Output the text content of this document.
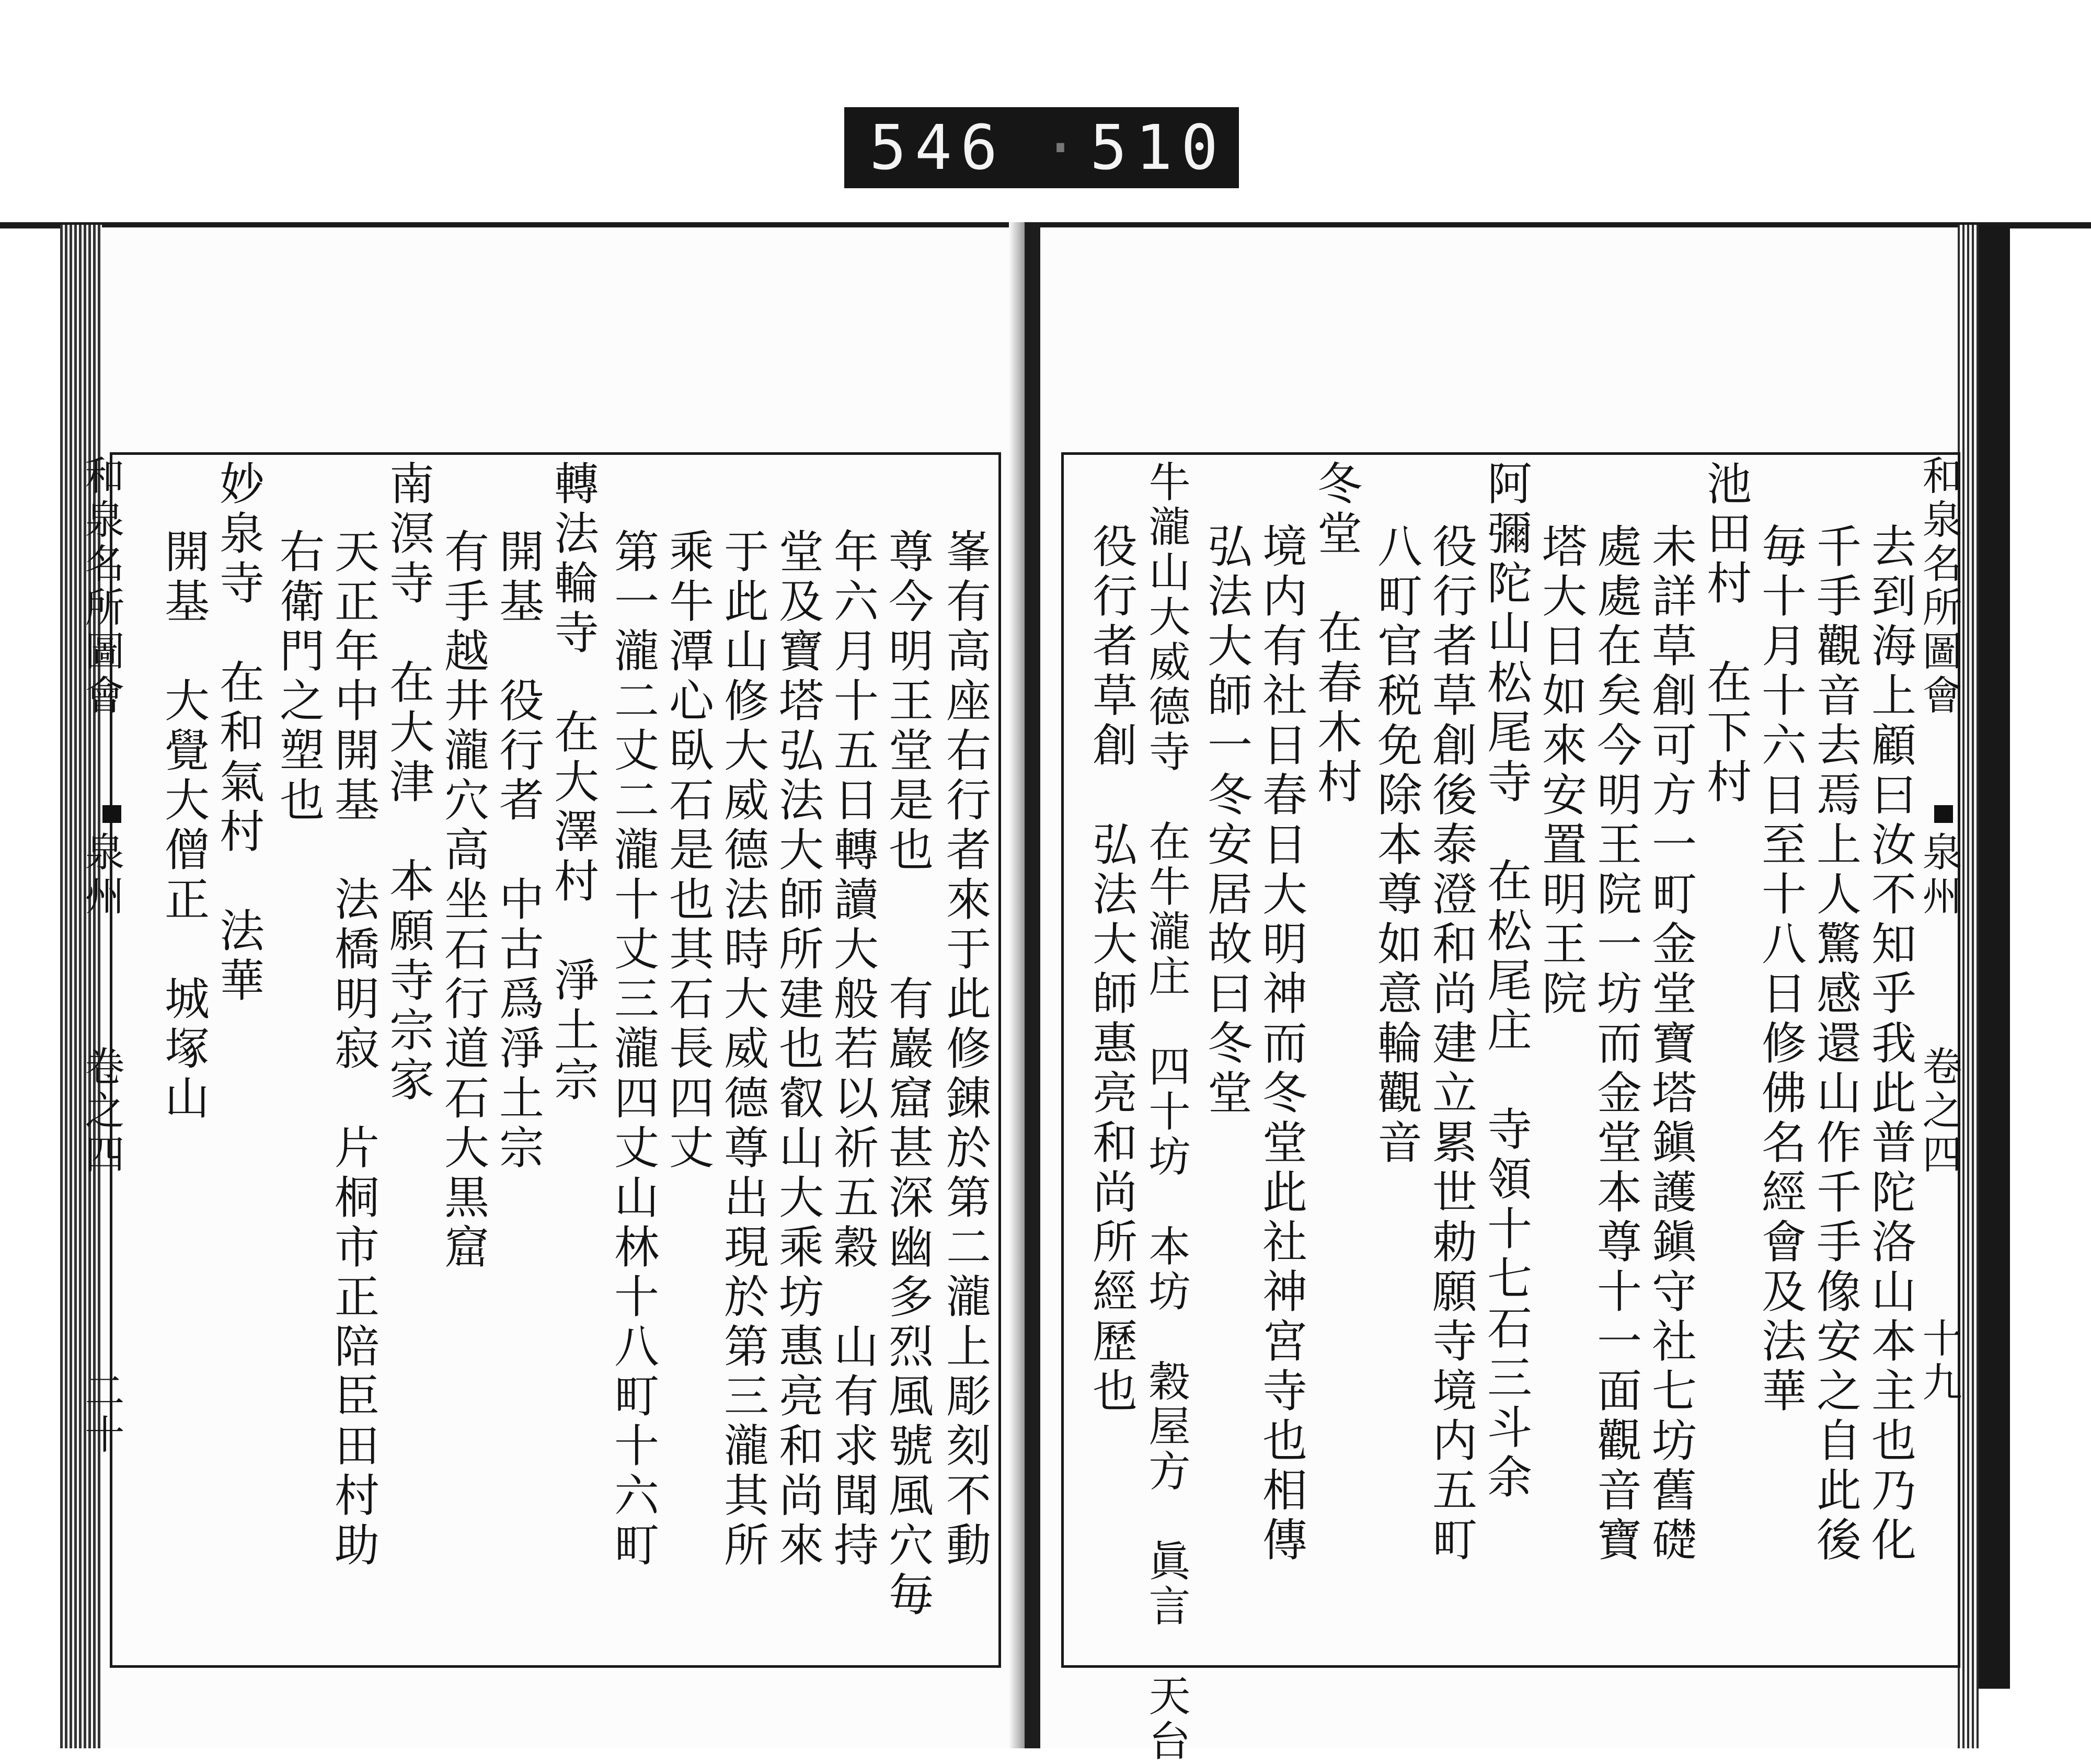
546 · 510
和泉名所圖會
泉州
卷之四
二十	峯有高座右行者來于此修錬於第二瀧上彫刻不動
尊今明王堂是也　　有巖窟甚深幽多烈風號風穴毎
年六月十五日轉讀大般若以祈五穀　山有求聞持
堂及寶塔弘法大師所建也叡山大乘坊惠亮和尚來
于此山修大威德法時大威德尊出現於第三瀧其所
乘牛潭心臥石是也其石長四丈
第一瀧二丈二瀧十丈三瀧四丈山林十八町十六町
轉法輪寺　在大澤村　淨土宗
開基　役行者　中古爲淨土宗
有手越井瀧穴高坐石行道石大黒窟
南溟寺　在大津　本願寺宗家
天正年中開基　法橋明寂　片桐市正陪臣田村助
右衛門之塑也
妙泉寺　在和氣村　法華
開基　大覺大僧正　城塚山	和泉名所圖會
泉州
卷之四
十九
去到海上顧曰汝不知乎我此普陀洛山本主也乃化
千手觀音去焉上人驚感還山作千手像安之自此後
毎十月十六日至十八日修佛名經會及法華
池田村　在下村
未詳草創可方一町金堂寶塔鎭護鎭守社七坊舊礎
處處在矣今明王院一坊而金堂本尊十一面觀音寶
塔大日如來安置明王院
阿彌陀山松尾寺　在松尾庄　寺領十七石三斗余
役行者草創後泰澄和尚建立累世勅願寺境内五町
八町官税免除本尊如意輪觀音
冬堂　在春木村
境内有社日春日大明神而冬堂此社神宮寺也相傳
弘法大師一冬安居故曰冬堂
牛瀧山大威德寺　在牛瀧庄　四十坊　本坊　穀屋方　眞言　天台
役行者草創　弘法大師惠亮和尚所經歷也
